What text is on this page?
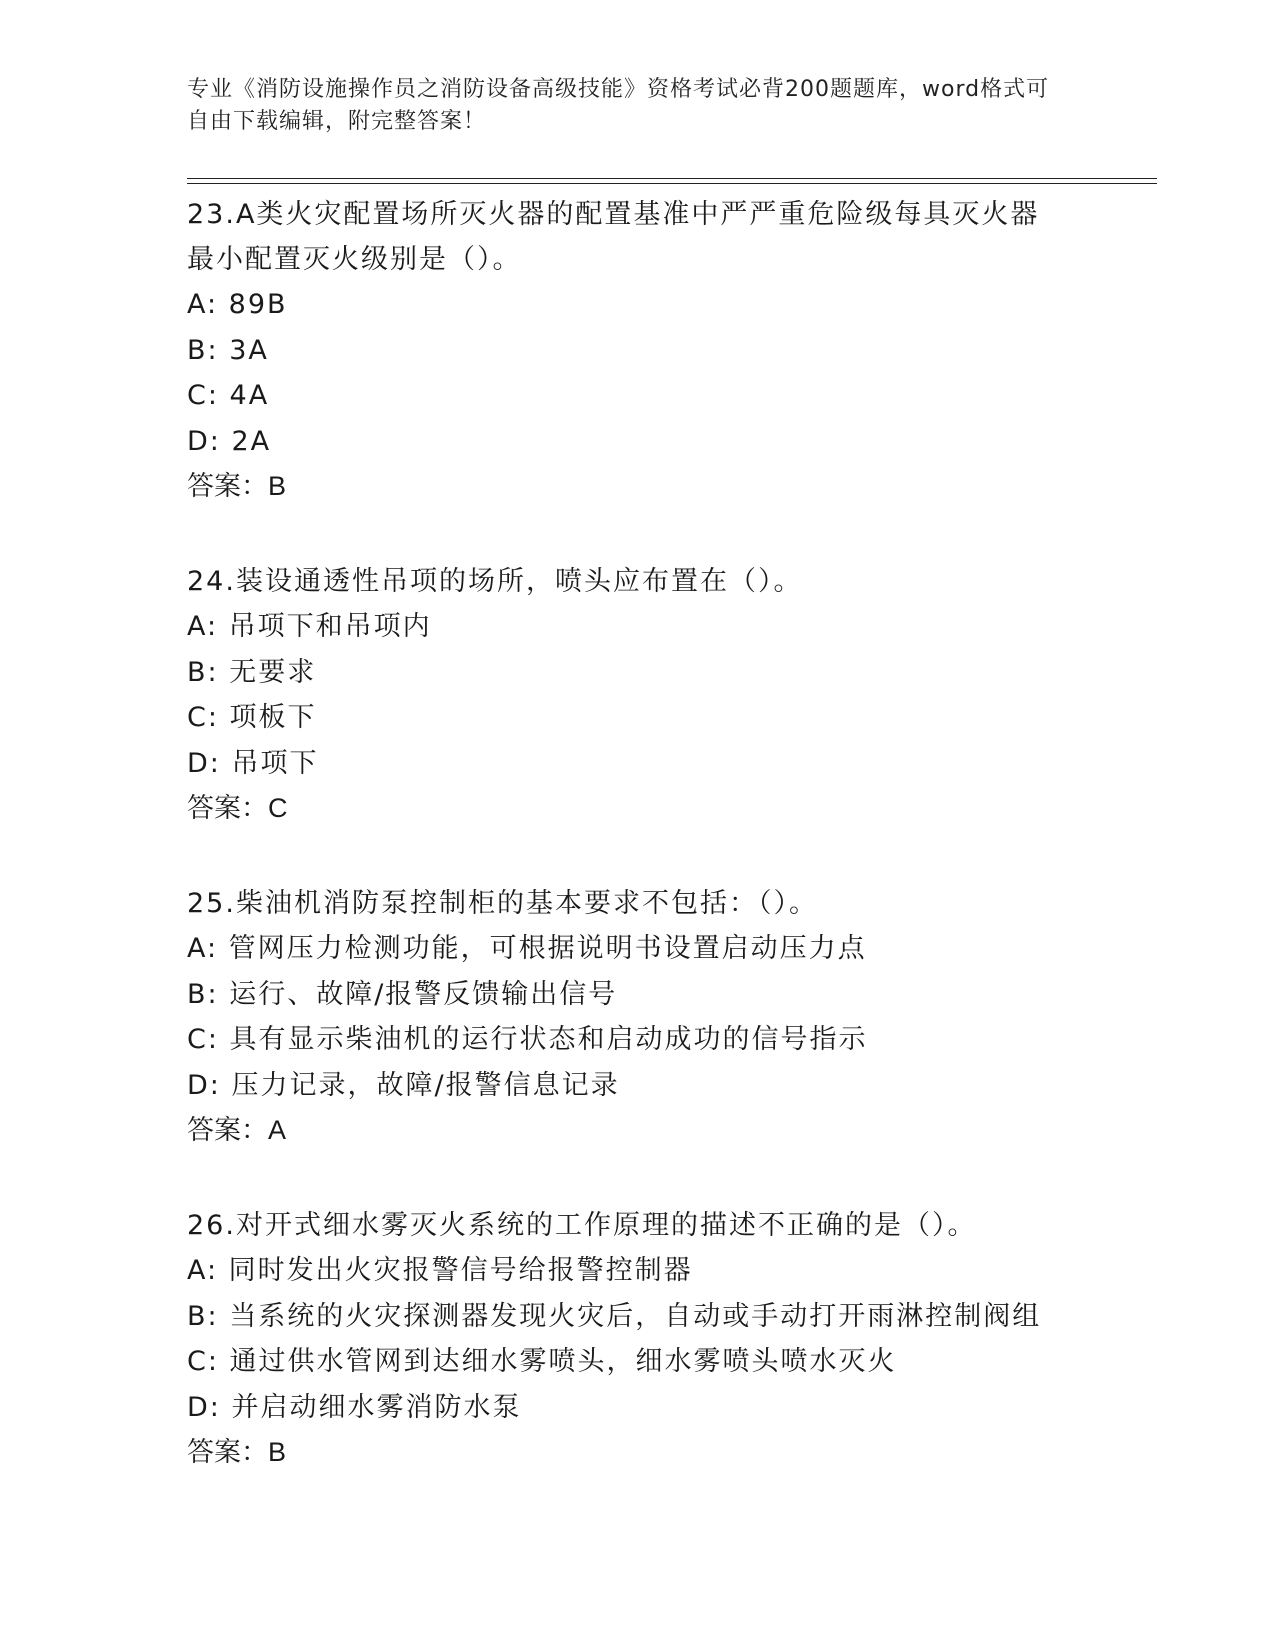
专业《消防设施操作员之消防设备高级技能》资格考试必背200题题库，word格式可自由下载编辑，附完整答案！
23.A类火灾配置场所灭火器的配置基准中严严重危险级每具灭火器最小配置灭火级别是（）。
A: 89B
B: 3A
C: 4A
D: 2A
答案：B
24.装设通透性吊项的场所，喷头应布置在（）。
A: 吊项下和吊项内
B: 无要求
C: 项板下
D: 吊项下
答案：C
25.柴油机消防泵控制柜的基本要求不包括：（）。
A: 管网压力检测功能，可根据说明书设置启动压力点
B: 运行、故障/报警反馈输出信号
C: 具有显示柴油机的运行状态和启动成功的信号指示
D: 压力记录，故障/报警信息记录
答案：A
26.对开式细水雾灭火系统的工作原理的描述不正确的是（）。
A: 同时发出火灾报警信号给报警控制器
B: 当系统的火灾探测器发现火灾后，自动或手动打开雨淋控制阀组
C: 通过供水管网到达细水雾喷头，细水雾喷头喷水灭火
D: 并启动细水雾消防水泵
答案：B
